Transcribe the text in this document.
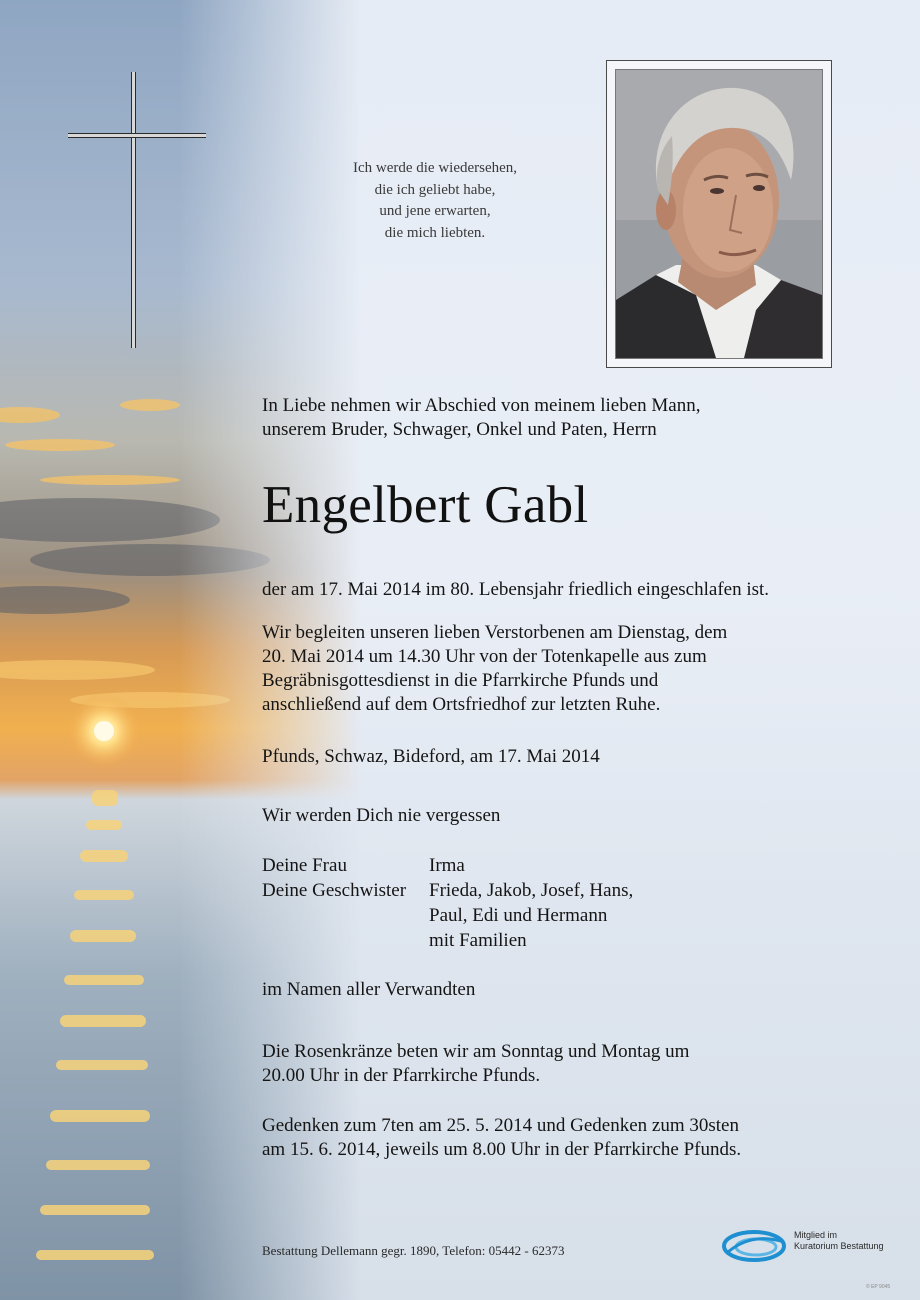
Ich werde die wiedersehen,
die ich geliebt habe,
und jene erwarten,
die mich liebten.
In Liebe nehmen wir Abschied von meinem lieben Mann,
unserem Bruder, Schwager, Onkel und Paten, Herrn
Engelbert Gabl
der am 17. Mai 2014 im 80. Lebensjahr friedlich eingeschlafen ist.
Wir begleiten unseren lieben Verstorbenen am Dienstag, dem
20. Mai 2014 um 14.30 Uhr von der Totenkapelle aus zum
Begräbnisgottesdienst in die Pfarrkirche Pfunds und
anschließend auf dem Ortsfriedhof zur letzten Ruhe.
Pfunds, Schwaz, Bideford, am 17. Mai 2014
Wir werden Dich nie vergessen
Deine Frau	Irma
Deine Geschwister	Frieda, Jakob, Josef, Hans,
Paul, Edi und Hermann
mit Familien
im Namen aller Verwandten
Die Rosenkränze beten wir am Sonntag und Montag um
20.00 Uhr in der Pfarrkirche Pfunds.
Gedenken zum 7ten am 25. 5. 2014 und Gedenken zum 30sten
am 15. 6. 2014, jeweils um 8.00 Uhr in der Pfarrkirche Pfunds.
Bestattung Dellemann gegr. 1890, Telefon: 05442 - 62373
Mitglied im
Kuratorium Bestattung
© EP 9045
